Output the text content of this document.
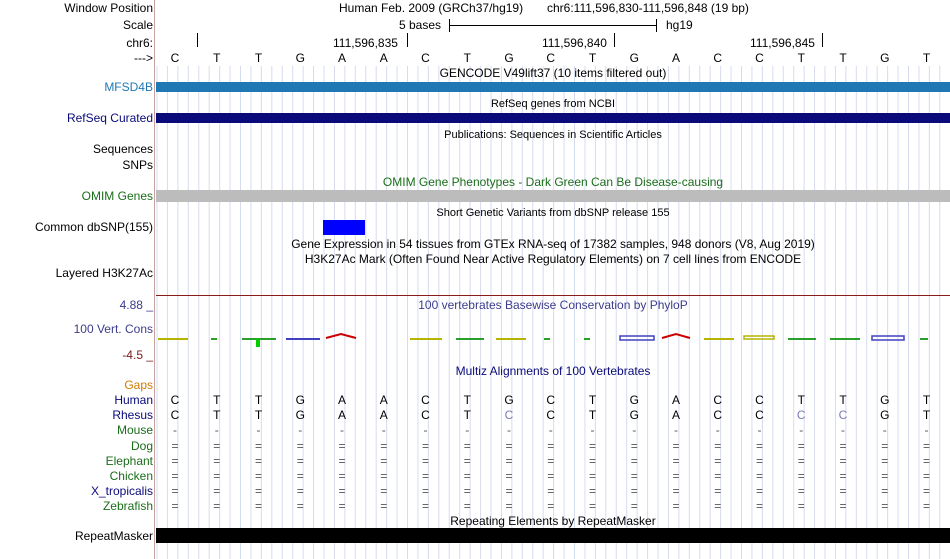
Window Position
Scale
chr6:
--->
Human Feb. 2009 (GRCh37/hg19) chr6:111,596,830-111,596,848 (19 bp)
5 bases	hg19
111,596,835	111,596,840	111,596,845
C	T	T	G	A	A	C	T	G	C	T	G	A	C	C	T	T	G	T
GENCODE V49lift37 (10 items filtered out)
MFSD4B
RefSeq genes from NCBI
RefSeq Curated
Publications: Sequences in Scientific Articles
Sequences
SNPs
OMIM Gene Phenotypes - Dark Green Can Be Disease-causing
OMIM Genes
Short Genetic Variants from dbSNP release 155
Common dbSNP(155)
Gene Expression in 54 tissues from GTEx RNA-seq of 17382 samples, 948 donors (V8, Aug 2019)
H3K27Ac Mark (Often Found Near Active Regulatory Elements) on 7 cell lines from ENCODE
Layered H3K27Ac
4.88 _	100 vertebrates Basewise Conservation by PhyloP
100 Vert. Cons
-4.5 _
Multiz Alignments of 100 Vertebrates
Gaps
Human C	T	T	G	A	A	C	T	G	C	T	G	A	C	C	T	T	G	T
Rhesus C	T	T	G	A	A	C	T	C	C	T	G	A	C	C	C	C	G	T
Mouse	-	-	-	-	-	-	-	-	-	-	-	-	-	-	-	-	-	-	-
Dog =	=	=	=	=	=	=	=	=	=	=	=	=	=	=	=	=	=	=
Elephant =	=	=	=	=	=	=	=	=	=	=	=	=	=	=	=	=	=	=
Chicken =	=	=	=	=	=	=	=	=	=	=	=	=	=	=	=	=	=	=
X_tropicalis =	=	=	=	=	=	=	=	=	=	=	=	=	=	=	=	=	=	=
Zebrafish =	=	=	=	=	=	=	=	=	=	=	=	=	=	=	=	=	=	=
Repeating Elements by RepeatMasker
RepeatMasker
